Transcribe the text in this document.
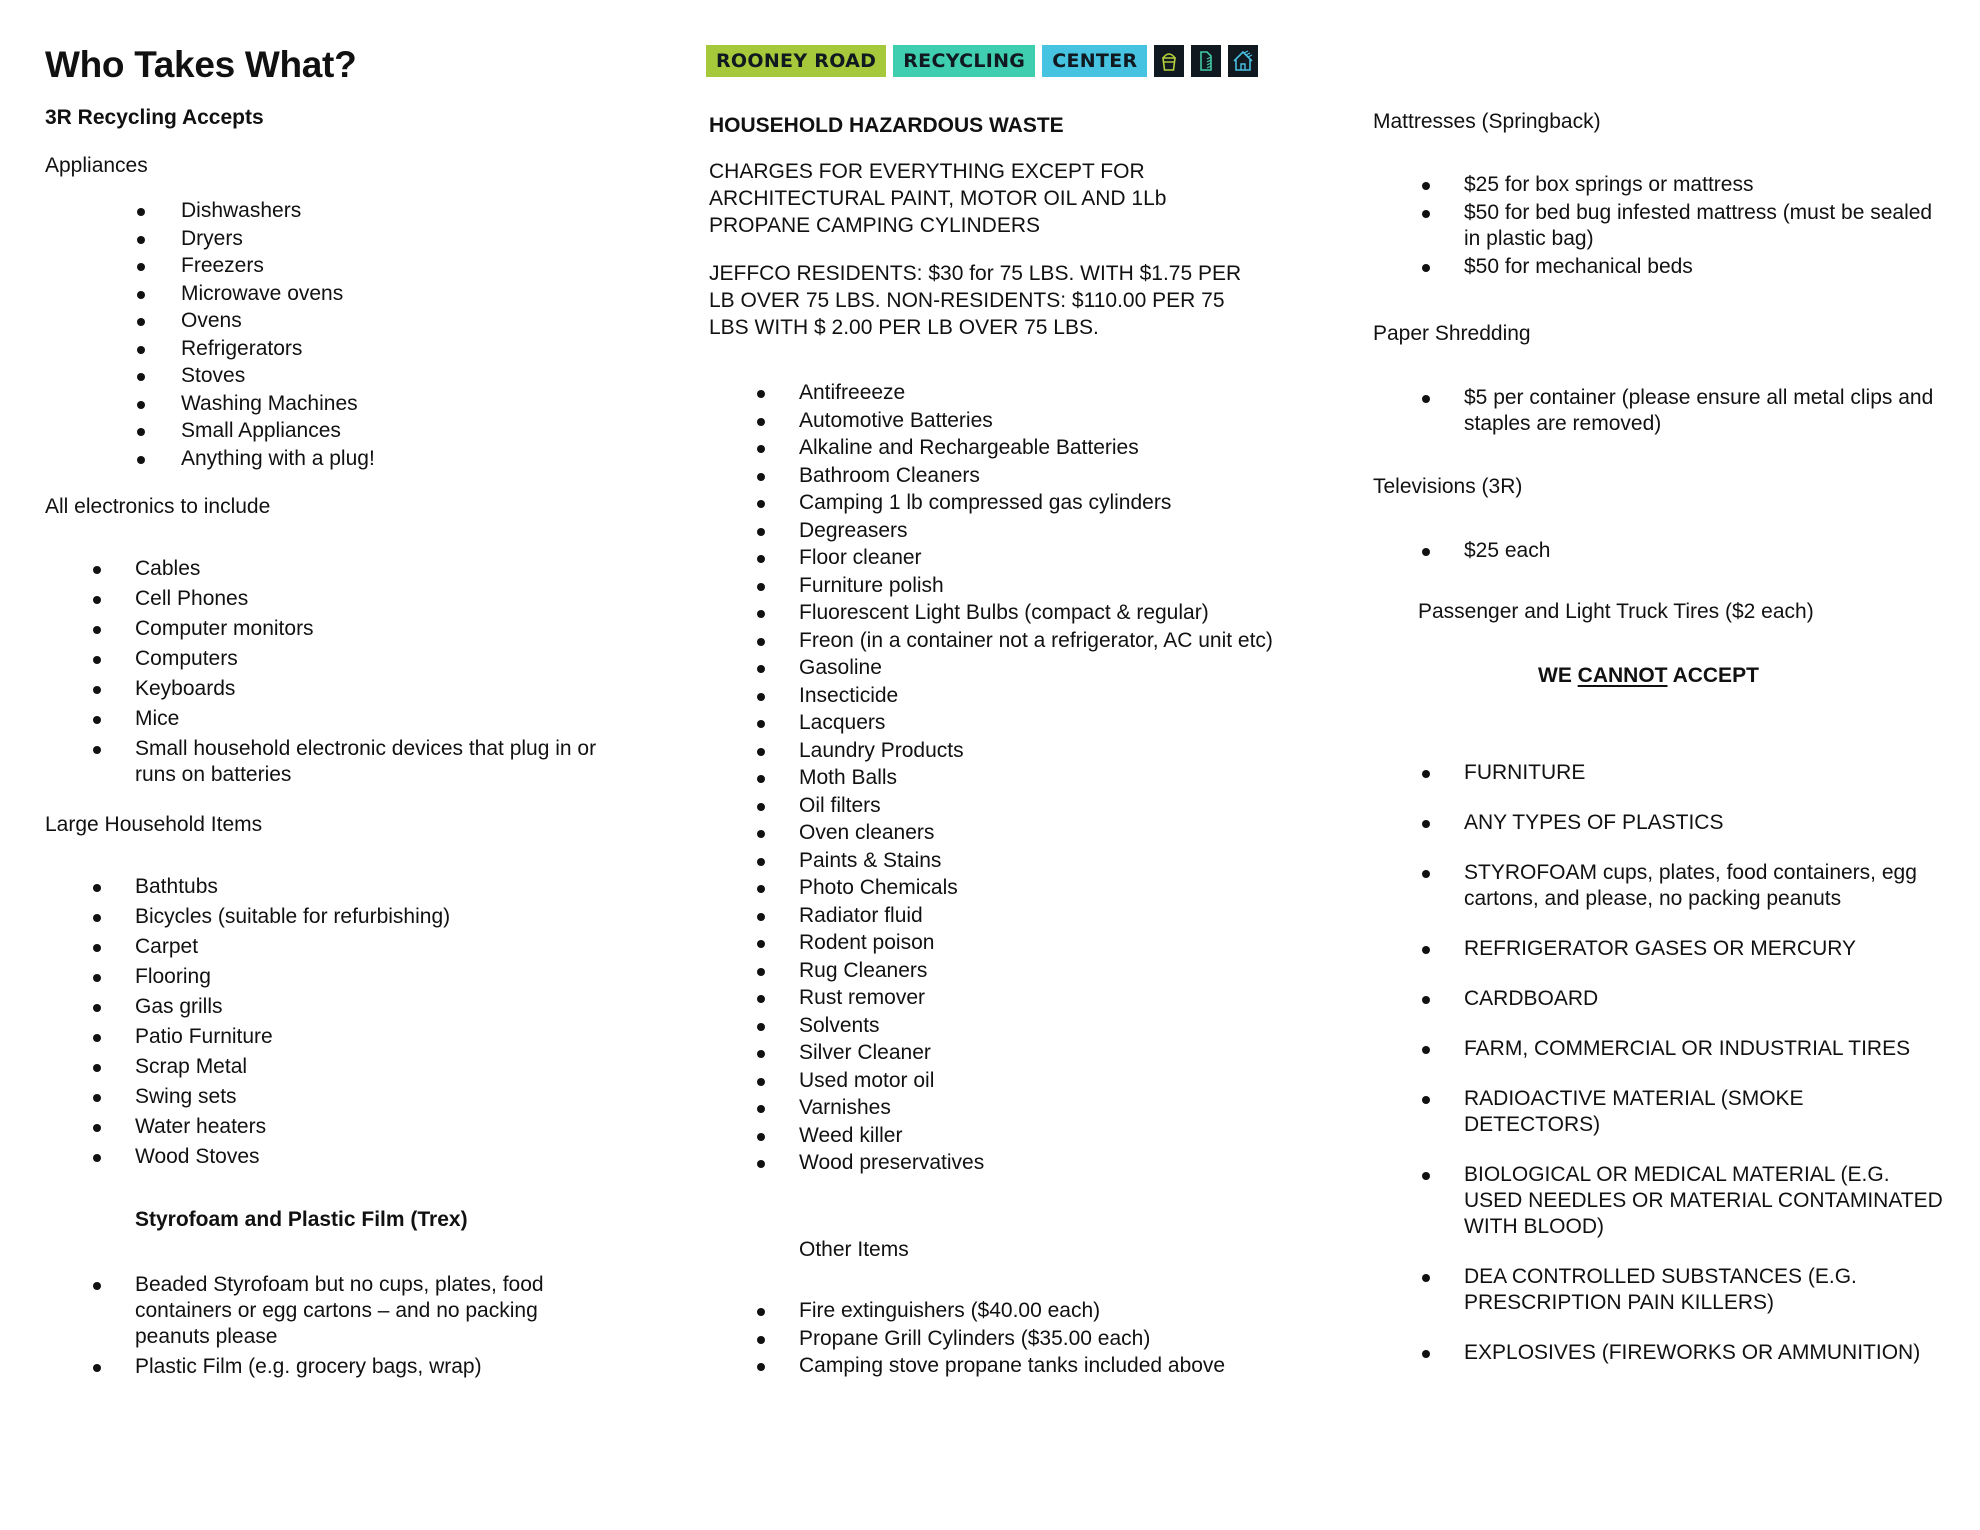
Who Takes What?	ROONEY ROAD	RECYCLING	CENTER
3R Recycling Accepts
Appliances
Dishwashers
Dryers
Freezers
Microwave ovens
Ovens
Refrigerators
Stoves
Washing Machines
Small Appliances
Anything with a plug!
All electronics to include
Cables
Cell Phones
Computer monitors
Computers
Keyboards
Mice
Small household electronic devices that plug in or runs on batteries
Large Household Items
Bathtubs
Bicycles (suitable for refurbishing)
Carpet
Flooring
Gas grills
Patio Furniture
Scrap Metal
Swing sets
Water heaters
Wood Stoves
Styrofoam and Plastic Film (Trex)
Beaded Styrofoam but no cups, plates, food containers or egg cartons – and no packing peanuts please
Plastic Film (e.g. grocery bags, wrap)
HOUSEHOLD HAZARDOUS WASTE
CHARGES FOR EVERYTHING EXCEPT FOR ARCHITECTURAL PAINT, MOTOR OIL AND 1Lb PROPANE CAMPING CYLINDERS
JEFFCO RESIDENTS: $30 for 75 LBS. WITH $1.75 PER LB OVER 75 LBS. NON-RESIDENTS: $110.00 PER 75 LBS WITH $ 2.00 PER LB OVER 75 LBS.
Antifreeeze
Automotive Batteries
Alkaline and Rechargeable Batteries
Bathroom Cleaners
Camping 1 lb compressed gas cylinders
Degreasers
Floor cleaner
Furniture polish
Fluorescent Light Bulbs (compact & regular)
Freon (in a container not a refrigerator, AC unit etc)
Gasoline
Insecticide
Lacquers
Laundry Products
Moth Balls
Oil filters
Oven cleaners
Paints & Stains
Photo Chemicals
Radiator fluid
Rodent poison
Rug Cleaners
Rust remover
Solvents
Silver Cleaner
Used motor oil
Varnishes
Weed killer
Wood preservatives
Other Items
Fire extinguishers ($40.00 each)
Propane Grill Cylinders ($35.00 each)
Camping stove propane tanks included above
Mattresses (Springback)
$25 for box springs or mattress
$50 for bed bug infested mattress (must be sealed in plastic bag)
$50 for mechanical beds
Paper Shredding
$5 per container (please ensure all metal clips and staples are removed)
Televisions (3R)
$25 each
Passenger and Light Truck Tires ($2 each)
WE CANNOT ACCEPT
FURNITURE
ANY TYPES OF PLASTICS
STYROFOAM cups, plates, food containers, egg cartons, and please, no packing peanuts
REFRIGERATOR GASES OR MERCURY
CARDBOARD
FARM, COMMERCIAL OR INDUSTRIAL TIRES
RADIOACTIVE MATERIAL (SMOKE DETECTORS)
BIOLOGICAL OR MEDICAL MATERIAL (E.G. USED NEEDLES OR MATERIAL CONTAMINATED WITH BLOOD)
DEA CONTROLLED SUBSTANCES (E.G. PRESCRIPTION PAIN KILLERS)
EXPLOSIVES (FIREWORKS OR AMMUNITION)
